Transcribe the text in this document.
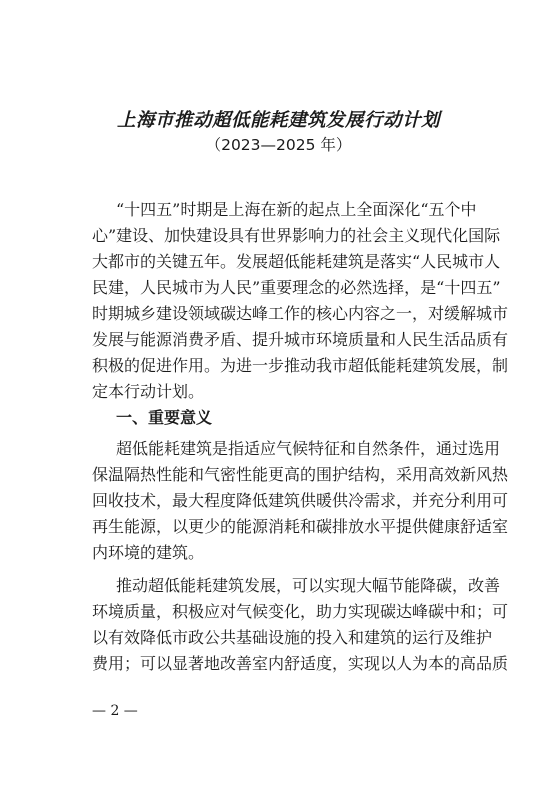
上海市推动超低能耗建筑发展行动计划
（2023—2025 年）
“十四五”时期是上海在新的起点上全面深化“五个中
心”建设、加快建设具有世界影响力的社会主义现代化国际
大都市的关键五年。发展超低能耗建筑是落实“人民城市人
民建，人民城市为人民”重要理念的必然选择，是“十四五”
时期城乡建设领域碳达峰工作的核心内容之一，对缓解城市
发展与能源消费矛盾、提升城市环境质量和人民生活品质有
积极的促进作用。为进一步推动我市超低能耗建筑发展，制
定本行动计划。
一、重要意义
超低能耗建筑是指适应气候特征和自然条件，通过选用
保温隔热性能和气密性能更高的围护结构，采用高效新风热
回收技术，最大程度降低建筑供暖供冷需求，并充分利用可
再生能源，以更少的能源消耗和碳排放水平提供健康舒适室
内环境的建筑。
推动超低能耗建筑发展，可以实现大幅节能降碳，改善
环境质量，积极应对气候变化，助力实现碳达峰碳中和；可
以有效降低市政公共基础设施的投入和建筑的运行及维护
费用；可以显著地改善室内舒适度，实现以人为本的高品质
— 2 —
